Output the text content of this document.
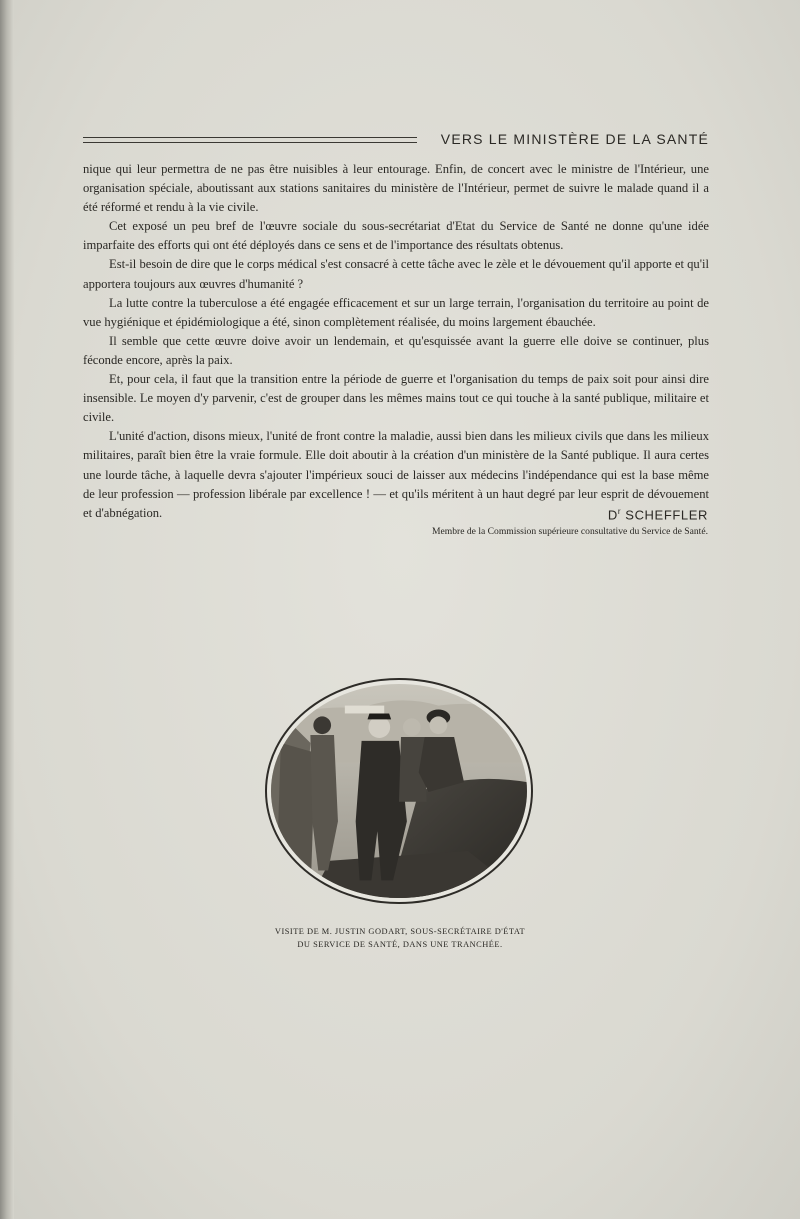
VERS LE MINISTÈRE DE LA SANTÉ

nique qui leur permettra de ne pas être nuisibles à leur entourage. Enfin, de concert avec le ministre de l'Intérieur, une organisation spéciale, aboutissant aux stations sanitaires du ministère de l'Intérieur, permet de suivre le malade quand il a été réformé et rendu à la vie civile.

Cet exposé un peu bref de l'œuvre sociale du sous-secrétariat d'Etat du Service de Santé ne donne qu'une idée imparfaite des efforts qui ont été déployés dans ce sens et de l'importance des résultats obtenus.

Est-il besoin de dire que le corps médical s'est consacré à cette tâche avec le zèle et le dévouement qu'il apporte et qu'il apportera toujours aux œuvres d'humanité ?

La lutte contre la tuberculose a été engagée efficacement et sur un large terrain, l'organisation du territoire au point de vue hygiénique et épidémiologique a été, sinon complètement réalisée, du moins largement ébauchée.

Il semble que cette œuvre doive avoir un lendemain, et qu'esquissée avant la guerre elle doive se continuer, plus féconde encore, après la paix.

Et, pour cela, il faut que la transition entre la période de guerre et l'organisation du temps de paix soit pour ainsi dire insensible. Le moyen d'y parvenir, c'est de grouper dans les mêmes mains tout ce qui touche à la santé publique, militaire et civile.

L'unité d'action, disons mieux, l'unité de front contre la maladie, aussi bien dans les milieux civils que dans les milieux militaires, paraît bien être la vraie formule. Elle doit aboutir à la création d'un ministère de la Santé publique. Il aura certes une lourde tâche, à laquelle devra s'ajouter l'impérieux souci de laisser aux médecins l'indépendance qui est la base même de leur profession — profession libérale par excellence ! — et qu'ils méritent à un haut degré par leur esprit de dévouement et d'abnégation.	$D^r$ SCHEFFLER
Membre de la Commission supérieure consultative du Service de Santé.
VISITE DE M. JUSTIN GODART, SOUS-SECRÉTAIRE D'ÉTAT
DU SERVICE DE SANTÉ, DANS UNE TRANCHÉE.
